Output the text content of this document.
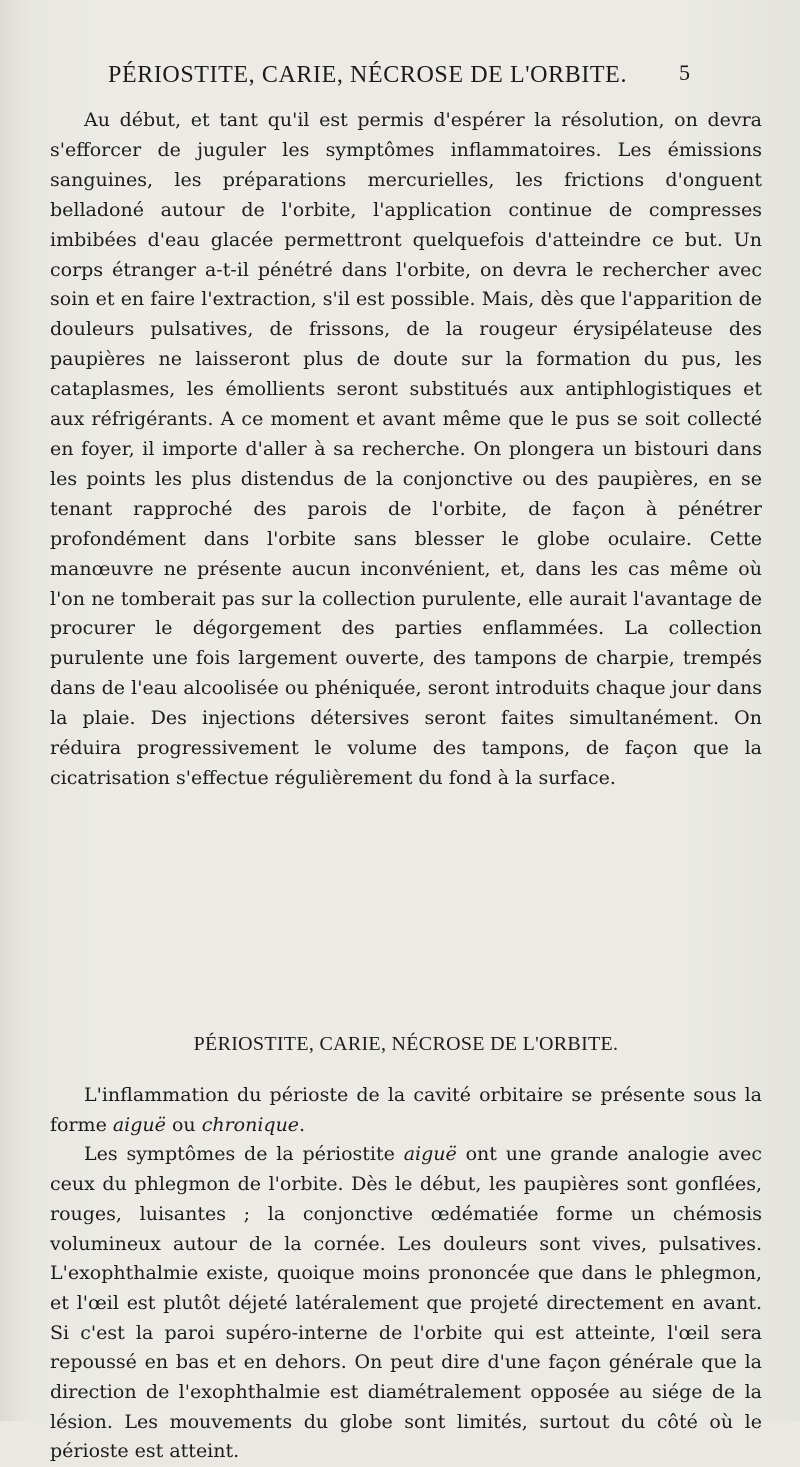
PÉRIOSTITE, CARIE, NÉCROSE DE L'ORBITE. 5

Au début, et tant qu'il est permis d'espérer la résolution, on devra s'efforcer de juguler les symptômes inflammatoires. Les émissions sanguines, les préparations mercurielles, les frictions d'onguent belladoné autour de l'orbite, l'application continue de compresses imbibées d'eau glacée permettront quelquefois d'atteindre ce but. Un corps étranger a-t-il pénétré dans l'orbite, on devra le rechercher avec soin et en faire l'extraction, s'il est possible. Mais, dès que l'apparition de douleurs pulsatives, de frissons, de la rougeur érysipélateuse des paupières ne laisseront plus de doute sur la formation du pus, les cataplasmes, les émollients seront substitués aux antiphlogistiques et aux réfrigérants. A ce moment et avant même que le pus se soit collecté en foyer, il importe d'aller à sa recherche. On plongera un bistouri dans les points les plus distendus de la conjonctive ou des paupières, en se tenant rapproché des parois de l'orbite, de façon à pénétrer profondément dans l'orbite sans blesser le globe oculaire. Cette manœuvre ne présente aucun inconvénient, et, dans les cas même où l'on ne tomberait pas sur la collection purulente, elle aurait l'avantage de procurer le dégorgement des parties enflammées. La collection purulente une fois largement ouverte, des tampons de charpie, trempés dans de l'eau alcoolisée ou phéniquée, seront introduits chaque jour dans la plaie. Des injections détersives seront faites simultanément. On réduira progressivement le volume des tampons, de façon que la cicatrisation s'effectue régulièrement du fond à la surface.

PÉRIOSTITE, CARIE, NÉCROSE DE L'ORBITE.

L'inflammation du périoste de la cavité orbitaire se présente sous la forme aiguë ou chronique.

Les symptômes de la périostite aiguë ont une grande analogie avec ceux du phlegmon de l'orbite. Dès le début, les paupières sont gonflées, rouges, luisantes ; la conjonctive œdématiée forme un chémosis volumineux autour de la cornée. Les douleurs sont vives, pulsatives. L'exophthalmie existe, quoique moins prononcée que dans le phlegmon, et l'œil est plutôt déjeté latéralement que projeté directement en avant. Si c'est la paroi supéro-interne de l'orbite qui est atteinte, l'œil sera repoussé en bas et en dehors. On peut dire d'une façon générale que la direction de l'exophthalmie est diamétralement opposée au siége de la lésion. Les mouvements du globe sont limités, surtout du côté où le périoste est atteint.
